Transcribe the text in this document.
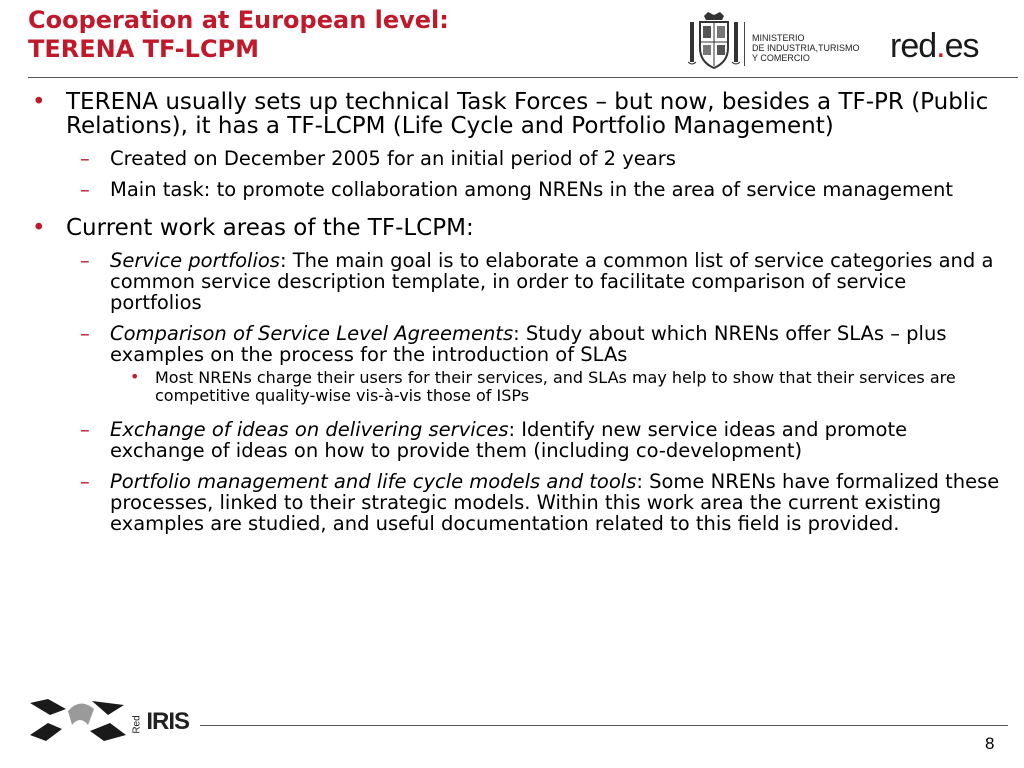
Cooperation at European level:
TERENA TF-LCPM	MINISTERIO
DE INDUSTRIA,TURISMO
Y COMERCIO	red.es
• TERENA usually sets up technical Task Forces – but now, besides a TF-PR (Public Relations), it has a TF-LCPM (Life Cycle and Portfolio Management)
– Created on December 2005 for an initial period of 2 years
– Main task: to promote collaboration among NRENs in the area of service management
• Current work areas of the TF-LCPM:
– Service portfolios: The main goal is to elaborate a common list of service categories and a common service description template, in order to facilitate comparison of service portfolios
– Comparison of Service Level Agreements: Study about which NRENs offer SLAs – plus examples on the process for the introduction of SLAs
• Most NRENs charge their users for their services, and SLAs may help to show that their services are competitive quality-wise vis-à-vis those of ISPs
– Exchange of ideas on delivering services: Identify new service ideas and promote exchange of ideas on how to provide them (including co-development)
– Portfolio management and life cycle models and tools: Some NRENs have formalized these processes, linked to their strategic models. Within this work area the current existing examples are studied, and useful documentation related to this field is provided.
Red IRIS
8
